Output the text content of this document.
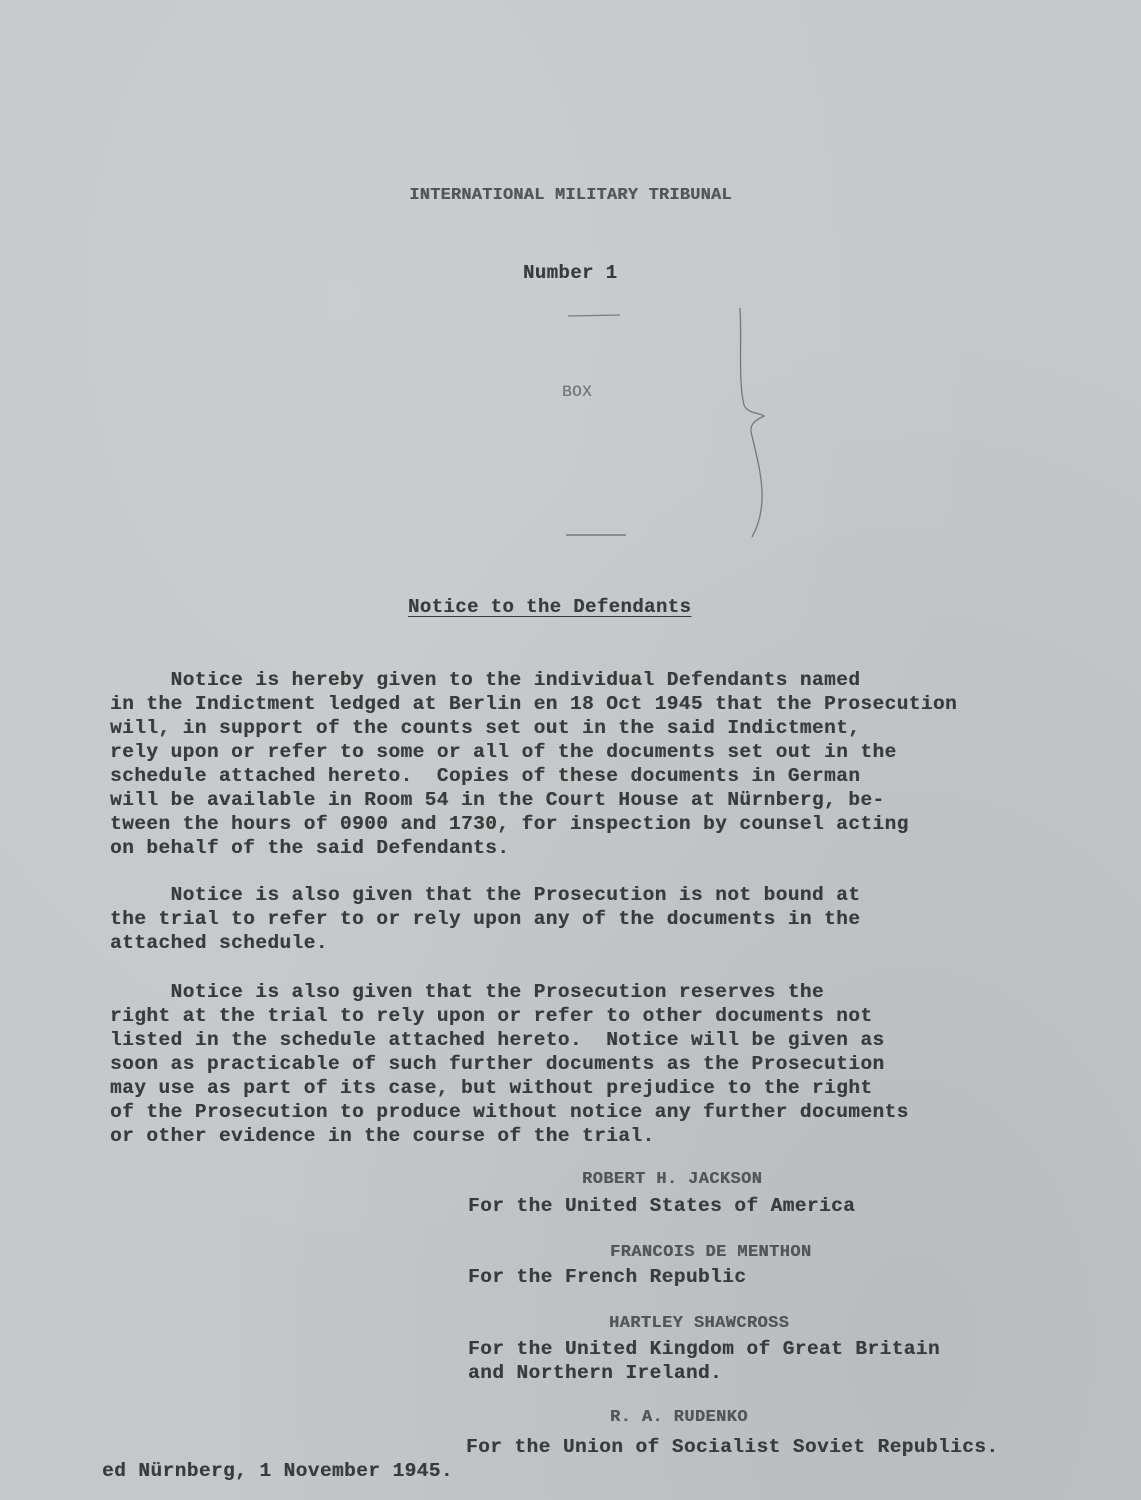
INTERNATIONAL MILITARY TRIBUNAL
Number 1
BOX
Notice to the Defendants
Notice is hereby given to the individual Defendants named
in the Indictment ledged at Berlin en 18 Oct 1945 that the Prosecution
will, in support of the counts set out in the said Indictment,
rely upon or refer to some or all of the documents set out in the
schedule attached hereto.  Copies of these documents in German
will be available in Room 54 in the Court House at Nürnberg, be-
tween the hours of 0900 and 1730, for inspection by counsel acting
on behalf of the said Defendants.
Notice is also given that the Prosecution is not bound at
the trial to refer to or rely upon any of the documents in the
attached schedule.
Notice is also given that the Prosecution reserves the
right at the trial to rely upon or refer to other documents not
listed in the schedule attached hereto.  Notice will be given as
soon as practicable of such further documents as the Prosecution
may use as part of its case, but without prejudice to the right
of the Prosecution to produce without notice any further documents
or other evidence in the course of the trial.
ROBERT H. JACKSON
For the United States of America
FRANCOIS DE MENTHON
For the French Republic
HARTLEY SHAWCROSS
For the United Kingdom of Great Britain
and Northern Ireland.
R. A. RUDENKO
For the Union of Socialist Soviet Republics.
ed Nürnberg, 1 November 1945.
